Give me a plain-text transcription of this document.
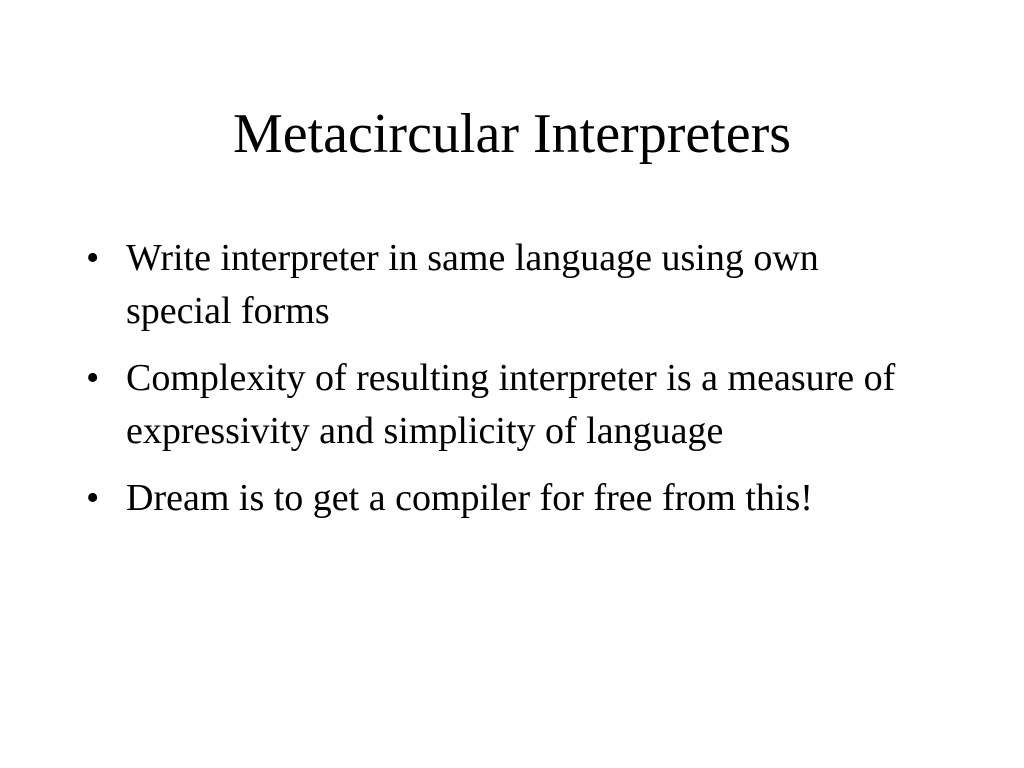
Metacircular Interpreters
• Write interpreter in same language using own special forms
• Complexity of resulting interpreter is a measure of expressivity and simplicity of language
• Dream is to get a compiler for free from this!
